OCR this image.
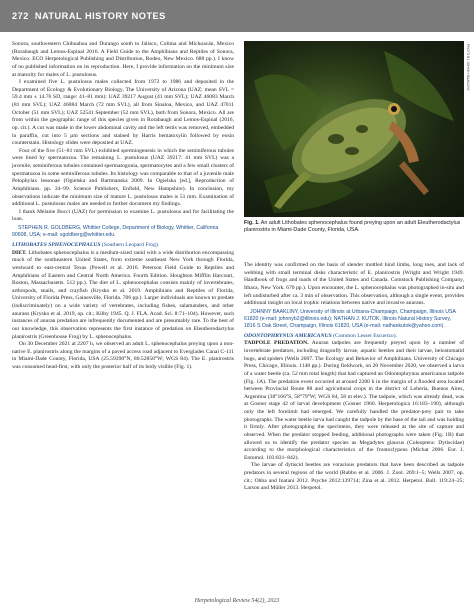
272 NATURAL HISTORY NOTES

Sonora, southwestern Chihuahua and Durango south to Jalisco, Colima and Michoacán, Mexico (Rorabaugh and Lemos-Espinal 2016. A Field Guide to the Amphibians and Reptiles of Sonora, Mexico. ECO Herpetological Publishing and Distribution, Rodeo, New Mexico. 688 pp.). I know of no published information on its reproduction. Here, I provide information on the minimum size at maturity for males of L. pustulosus.

I examined five L. pustulosus males collected from 1972 to 1986 and deposited in the Department of Ecology & Evolutionary Biology, The University of Arizona (UAZ; mean SVL = 59.4 mm ± 14.76 SD, range: 41–81 mm): UAZ 39217 August (41 mm SVL); UAZ 46083 March (81 mm SVL); UAZ 46084 March (72 mm SVL), all from Sinaloa, Mexico, and UAZ 47011 October (51 mm SVL); UAZ 52541 September (52 mm SVL), both from Sonora, Mexico. All are from within the geographic range of this species given in Rorabaugh and Lemos-Espinal (2016, op. cit.). A cut was made in the lower abdominal cavity and the left testis was removed, embedded in paraffin, cut into 5 µm sections and stained by Harris hematoxylin followed by eosin counterstain. Histology slides were deposited at UAZ.

Four of the five (51–81 mm SVL) exhibited spermiogenesis in which the seminiferous tubules were lined by spermatozoa. The remaining L. pustulosus (UAZ 39217: 41 mm SVL) was a juvenile; seminiferous tubules contained spermatogonia, spermatocytes and a few small clusters of spermatozoa in some seminiferous tubules. Its histology was comparable to that of a juvenile male Pelophylax lessonae (Ogielska and Bartmanska 2009. In Ogielska [ed.], Reproduction of Amphibians. pp. 34–99. Science Publishers, Enfield, New Hampshire). In conclusion, my observations indicate the minimum size of mature L. pustulosus males is 51 mm. Examination of additional L. pustulosus males are needed to further document my findings.

I thank Melanie Bucci (UAZ) for permission to examine L. pustulosus and for facilitating the loan.

STEPHEN R. GOLDBERG, Whittier College, Department of Biology, Whittier, California 90608, USA; e-mail: sgoldberg@whittier.edu.

LITHOBATES SPHENOCEPHALUS (Southern Leopard Frog).

DIET. Lithobates sphenocephalus is a medium-sized ranid with a wide distribution encompassing much of the southeastern United States, from extreme southeast New York through Florida, westward to east-central Texas (Powell et al. 2016. Peterson Field Guide to Reptiles and Amphibians of Eastern and Central North America. Fourth Edition. Houghton Mifflin Harcourt, Boston, Massachusetts. 512 pp.). The diet of L. sphenocephalus consists mainly of invertebrates, arthropods, snails, and crayfish (Krysko et al. 2019. Amphibians and Reptiles of Florida, University of Florida Press, Gainesville, Florida. 706 pp.). Larger individuals are known to predate (indiscriminately) on a wide variety of vertebrates, including fishes, salamanders, and other anurans (Krysko et al. 2019, op. cit.; Kilby 1945. Q. J. FLA. Acad. Sci. 8:71–104). However, such instances of anuran predation are infrequently documented and are presumably rare. To the best of our knowledge, this observation represents the first instance of predation on Eleutherodactylus planirostris (Greenhouse Frog) by L. sphenocephalus.

On 30 December 2021 at 2207 h, we observed an adult L. sphenocephalus preying upon a non-native E. planirostris along the margins of a paved access road adjacent to Everglades Canal C-111 in Miami-Dade County, Florida, USA (25.59390°N, 80.52858°W; WGS 84). The E. planirostris was consumed head-first, with only the posterior half of its body visible (Fig. 1).

PHOTO BY JOHNNY BAAKLINY
Fig. 1. An adult Lithobates sphenocephalus found preying upon an adult Eleutherodactylus planirostris in Miami-Dade County, Florida, USA.

The identity was confirmed on the basis of slender mottled hind limbs, long toes, and lack of webbing with small terminal disks characteristic of E. planirostris (Wright and Wright 1949. Handbook of frogs and toads of the United States and Canada. Comstock Publishing Company, Ithaca, New York. 670 pp.). Upon encounter, the L. sphenocephalus was photographed in-situ and left undisturbed after ca. 3 min of observation. This observation, although a single event, provides additional insight on local trophic relations between native and invasive anurans.

JOHNNY BAAKLINY, University of Illinois at Urbana-Champaign, Champaign, Illinois USA 61820 (e-mail: johnnyb2@illinois.edu); NATHAN J. KUTOK, Illinois Natural History Survey, 1816 S Oak Street, Champaign, Illinois 61820, USA (e-mail: nathankutok@yahoo.com).

ODONTOPHRYNUS AMERICANUS (Common Lesser Escuerzo).

TADPOLE PREDATION. Anuran tadpoles are frequently preyed upon by a number of invertebrate predators, including dragonfly larvae, aquatic beetles and their larvae, belostomatid bugs, and spiders (Wells 2007. The Ecology and Behavior of Amphibians. University of Chicago Press, Chicago, Illinois. 1148 pp.). During fieldwork, on 20 November 2020, we observed a larva of a water beetle (ca. 52 mm total length) that had captured an Odontophrynus americanus tadpole (Fig. 1A). The predation event occurred at around 2200 h in the margin of a flooded area located between Provincial Route 88 and agricultural crops in the district of Lobería, Buenos Aires, Argentina (38°166°S, 58°79°W; WGS 84, 58 m elev.). The tadpole, which was already dead, was at Gosner stage 42 of larval development (Gosner 1960. Herpetologica 16:183–190), although only the left forelimb had emerged. We carefully handled the predator-prey pair to take photographs. The water beetle larva had caught the tadpole by the base of the tail and was holding it firmly. After photographing the specimens, they were released at the site of capture and observed. When the predator stopped feeding, additional photographs were taken (Fig. 1B) that allowed us to identify the predator species as Megadytes glaucus (Coleoptera: Dytiscidae) according to the morphological characteristics of the frontoclypeus (Michat 2006. Eur. J. Entomol. 103:831–842).

The larvae of dytiscid beetles are voracious predators that have been described as tadpole predators in several regions of the world (Rubbo et al. 2006. J. Zool. 269:1–5; Wells 2007, op. cit.; Ohba and Inatani 2012. Psyche 2012:139714; Zina et al. 2012. Herpetol. Bull. 119:24–25; Larson and Müller 2013. Herpetol.

Herpetological Review 54(2), 2023
